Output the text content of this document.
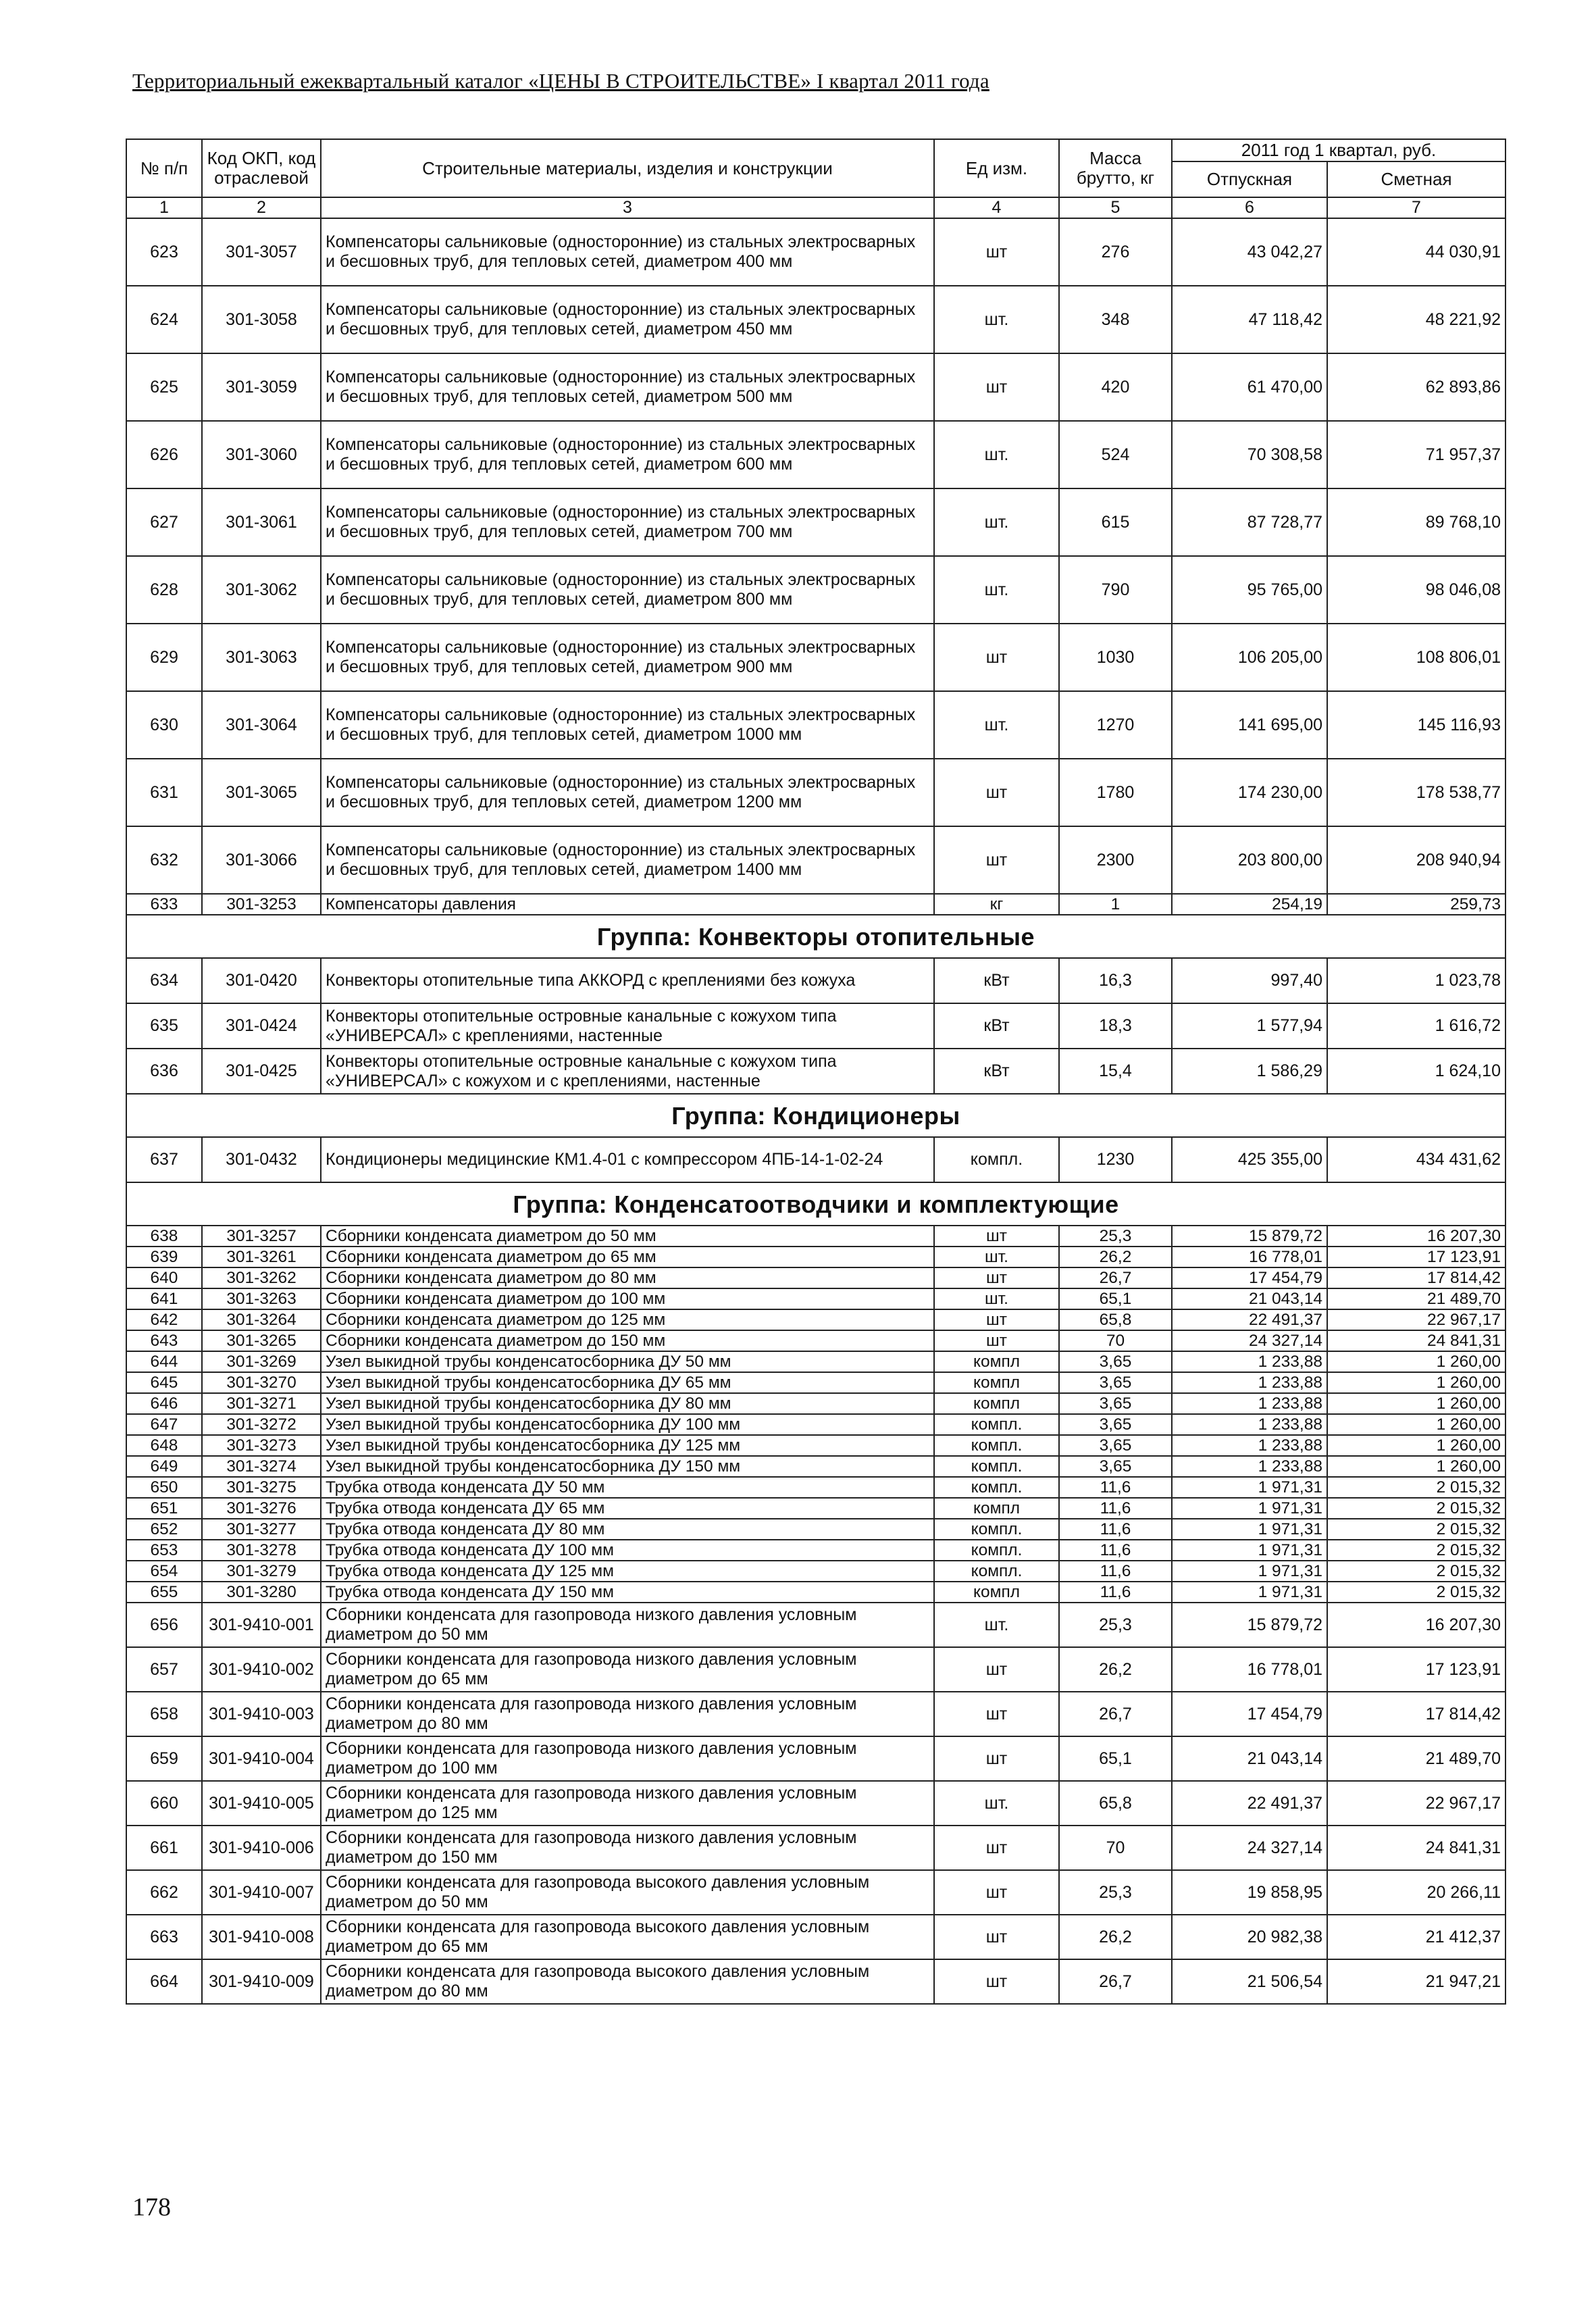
Территориальный ежеквартальный каталог «ЦЕНЫ В СТРОИТЕЛЬСТВЕ» I квартал 2011 года
№ п/п	Код ОКП, код отраслевой	Строительные материалы, изделия и конструкции	Ед изм.	Масса брутто, кг	2011 год 1 квартал, руб.	
					Отпускная	Сметная
1	2	3	4	5	6	7
623	301-3057	Компенсаторы сальниковые (односторонние) из стальных электросварных и бесшовных труб, для тепловых сетей, диаметром 400 мм	шт	276	43 042,27	44 030,91
624	301-3058	Компенсаторы сальниковые (односторонние) из стальных электросварных и бесшовных труб, для тепловых сетей, диаметром 450 мм	шт.	348	47 118,42	48 221,92
625	301-3059	Компенсаторы сальниковые (односторонние) из стальных электросварных и бесшовных труб, для тепловых сетей, диаметром 500 мм	шт	420	61 470,00	62 893,86
626	301-3060	Компенсаторы сальниковые (односторонние) из стальных электросварных и бесшовных труб, для тепловых сетей, диаметром 600 мм	шт.	524	70 308,58	71 957,37
627	301-3061	Компенсаторы сальниковые (односторонние) из стальных электросварных и бесшовных труб, для тепловых сетей, диаметром 700 мм	шт.	615	87 728,77	89 768,10
628	301-3062	Компенсаторы сальниковые (односторонние) из стальных электросварных и бесшовных труб, для тепловых сетей, диаметром 800 мм	шт.	790	95 765,00	98 046,08
629	301-3063	Компенсаторы сальниковые (односторонние) из стальных электросварных и бесшовных труб, для тепловых сетей, диаметром 900 мм	шт	1030	106 205,00	108 806,01
630	301-3064	Компенсаторы сальниковые (односторонние) из стальных электросварных и бесшовных труб, для тепловых сетей, диаметром 1000 мм	шт.	1270	141 695,00	145 116,93
631	301-3065	Компенсаторы сальниковые (односторонние) из стальных электросварных и бесшовных труб, для тепловых сетей, диаметром 1200 мм	шт	1780	174 230,00	178 538,77
632	301-3066	Компенсаторы сальниковые (односторонние) из стальных электросварных и бесшовных труб, для тепловых сетей, диаметром 1400 мм	шт	2300	203 800,00	208 940,94
633	301-3253	Компенсаторы давления	кг	1	254,19	259,73
Группа: Конвекторы отопительные						
634	301-0420	Конвекторы отопительные типа АККОРД с креплениями без кожуха	кВт	16,3	997,40	1 023,78
635	301-0424	Конвекторы отопительные островные канальные с кожухом типа «УНИВЕРСАЛ» с креплениями, настенные	кВт	18,3	1 577,94	1 616,72
636	301-0425	Конвекторы отопительные островные канальные с кожухом типа «УНИВЕРСАЛ» с кожухом и с креплениями, настенные	кВт	15,4	1 586,29	1 624,10
Группа: Кондиционеры						
637	301-0432	Кондиционеры медицинские КМ1.4-01 с компрессором 4ПБ-14-1-02-24	компл.	1230	425 355,00	434 431,62
Группа: Конденсатоотводчики и комплектующие						
638	301-3257	Сборники конденсата диаметром до 50 мм	шт	25,3	15 879,72	16 207,30
639	301-3261	Сборники конденсата диаметром до 65 мм	шт.	26,2	16 778,01	17 123,91
640	301-3262	Сборники конденсата диаметром до 80 мм	шт	26,7	17 454,79	17 814,42
641	301-3263	Сборники конденсата диаметром до 100 мм	шт.	65,1	21 043,14	21 489,70
642	301-3264	Сборники конденсата диаметром до 125 мм	шт	65,8	22 491,37	22 967,17
643	301-3265	Сборники конденсата диаметром до 150 мм	шт	70	24 327,14	24 841,31
644	301-3269	Узел выкидной трубы конденсатосборника ДУ 50 мм	компл	3,65	1 233,88	1 260,00
645	301-3270	Узел выкидной трубы конденсатосборника ДУ 65 мм	компл	3,65	1 233,88	1 260,00
646	301-3271	Узел выкидной трубы конденсатосборника ДУ 80 мм	компл	3,65	1 233,88	1 260,00
647	301-3272	Узел выкидной трубы конденсатосборника ДУ 100 мм	компл.	3,65	1 233,88	1 260,00
648	301-3273	Узел выкидной трубы конденсатосборника ДУ 125 мм	компл.	3,65	1 233,88	1 260,00
649	301-3274	Узел выкидной трубы конденсатосборника ДУ 150 мм	компл.	3,65	1 233,88	1 260,00
650	301-3275	Трубка отвода конденсата ДУ 50 мм	компл.	11,6	1 971,31	2 015,32
651	301-3276	Трубка отвода конденсата ДУ 65 мм	компл	11,6	1 971,31	2 015,32
652	301-3277	Трубка отвода конденсата ДУ 80 мм	компл.	11,6	1 971,31	2 015,32
653	301-3278	Трубка отвода конденсата ДУ 100 мм	компл.	11,6	1 971,31	2 015,32
654	301-3279	Трубка отвода конденсата ДУ 125 мм	компл.	11,6	1 971,31	2 015,32
655	301-3280	Трубка отвода конденсата ДУ 150 мм	компл	11,6	1 971,31	2 015,32
656	301-9410-001	Сборники конденсата для газопровода низкого давления условным диаметром до 50 мм	шт.	25,3	15 879,72	16 207,30
657	301-9410-002	Сборники конденсата для газопровода низкого давления условным диаметром до 65 мм	шт	26,2	16 778,01	17 123,91
658	301-9410-003	Сборники конденсата для газопровода низкого давления условным диаметром до 80 мм	шт	26,7	17 454,79	17 814,42
659	301-9410-004	Сборники конденсата для газопровода низкого давления условным диаметром до 100 мм	шт	65,1	21 043,14	21 489,70
660	301-9410-005	Сборники конденсата для газопровода низкого давления условным диаметром до 125 мм	шт.	65,8	22 491,37	22 967,17
661	301-9410-006	Сборники конденсата для газопровода низкого давления условным диаметром до 150 мм	шт	70	24 327,14	24 841,31
662	301-9410-007	Сборники конденсата для газопровода высокого давления условным диаметром до 50 мм	шт	25,3	19 858,95	20 266,11
663	301-9410-008	Сборники конденсата для газопровода высокого давления условным диаметром до 65 мм	шт	26,2	20 982,38	21 412,37
664	301-9410-009	Сборники конденсата для газопровода высокого давления условным диаметром до 80 мм	шт	26,7	21 506,54	21 947,21
178
